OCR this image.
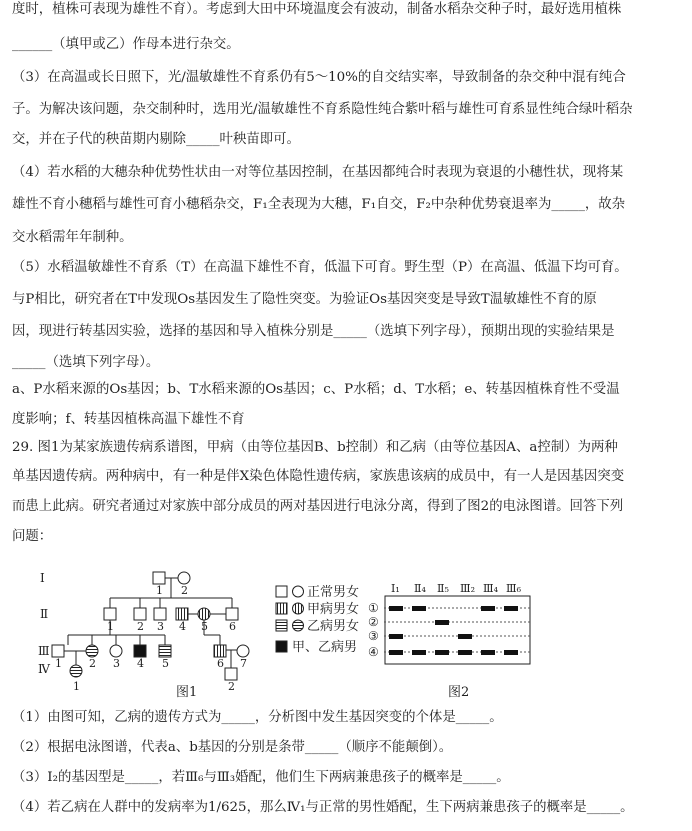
度时，植株可表现为雄性不育）。考虑到大田中环境温度会有波动，制备水稻杂交种子时，最好选用植株
______（填甲或乙）作母本进行杂交。
（3）在高温或长日照下，光/温敏雄性不育系仍有5～10%的自交结实率，导致制备的杂交种中混有纯合
子。为解决该问题，杂交制种时，选用光/温敏雄性不育系隐性纯合紫叶稻与雄性可育系显性纯合绿叶稻杂
交，并在子代的秧苗期内剔除_____叶秧苗即可。
（4）若水稻的大穗杂种优势性状由一对等位基因控制，在基因都纯合时表现为衰退的小穗性状，现将某
雄性不育小穗稻与雄性可育小穗稻杂交，F₁全表现为大穗，F₁自交，F₂中杂种优势衰退率为_____，故杂
交水稻需年年制种。
（5）水稻温敏雄性不育系（T）在高温下雄性不育，低温下可育。野生型（P）在高温、低温下均可育。
与P相比，研究者在T中发现Os基因发生了隐性突变。为验证Os基因突变是导致T温敏雄性不育的原
因，现进行转基因实验，选择的基因和导入植株分别是_____（选填下列字母），预期出现的实验结果是
_____（选填下列字母）。
a、P水稻来源的Os基因；b、T水稻来源的Os基因；c、P水稻；d、T水稻；e、转基因植株育性不受温
度影响；f、转基因植株高温下雄性不育
29. 图1为某家族遗传病系谱图，甲病（由等位基因B、b控制）和乙病（由等位基因A、a控制）为两种
单基因遗传病。两种病中，有一种是伴X染色体隐性遗传病，家族患该病的成员中，有一人是因基因突变
而患上此病。研究者通过对家族中部分成员的两对基因进行电泳分离，得到了图2的电泳图谱。回答下列
问题：
（1）由图可知，乙病的遗传方式为_____，分析图中发生基因突变的个体是_____。
（2）根据电泳图谱，代表a、b基因的分别是条带_____（顺序不能颠倒）。
（3）Ⅰ₂的基因型是_____，若Ⅲ₆与Ⅲ₃婚配，他们生下两病兼患孩子的概率是_____。
（4）若乙病在人群中的发病率为1/625，那么Ⅳ₁与正常的男性婚配，生下两病兼患孩子的概率是_____。
Ⅰ
Ⅱ
Ⅲ
Ⅳ
1 2
1 2 3 4 5 6
1 2 3 4 5	6 7
1	2
图1
正常男女
甲病男女
乙病男女
甲、乙病男
Ⅰ₁ Ⅱ₄ Ⅱ₅ Ⅲ₂ Ⅲ₄ Ⅲ₆
①
②
③
④
图2
